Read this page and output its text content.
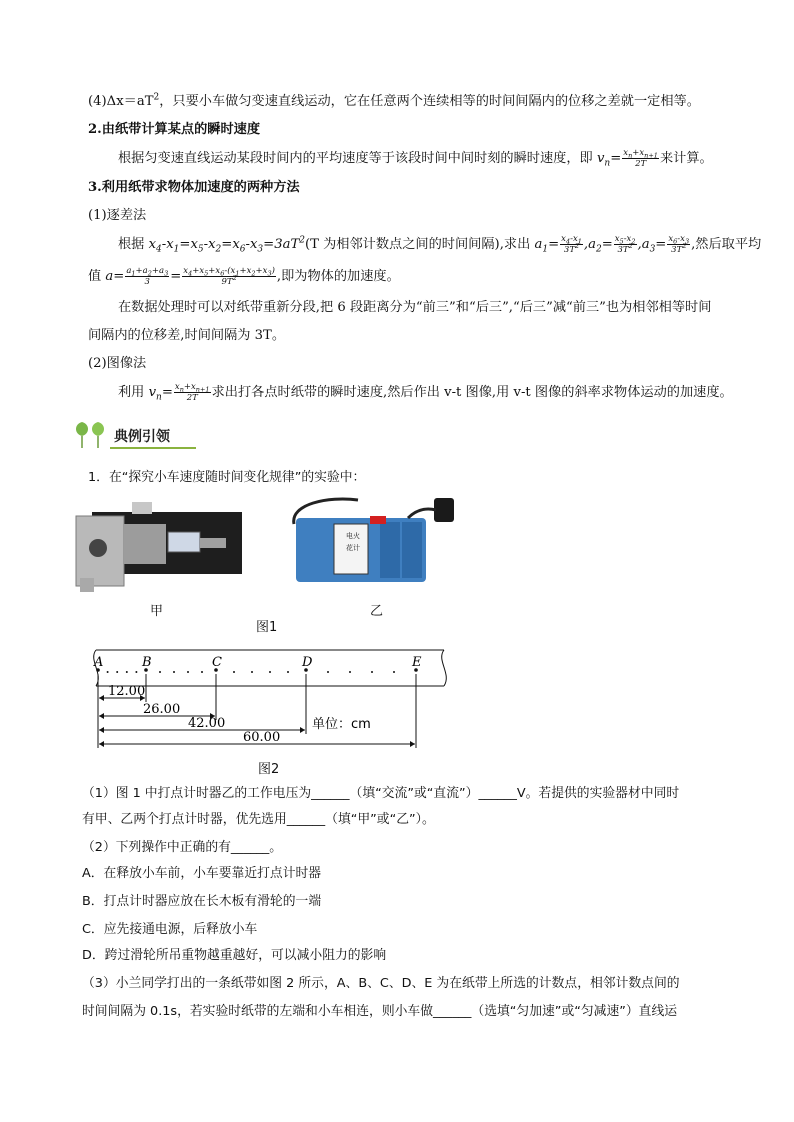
$(4)\Delta x=aT^2$，只要小车做匀变速直线运动，它在任意两个连续相等的时间间隔内的位移之差就一定相等。
2.由纸带计算某点的瞬时速度
根据匀变速直线运动某段时间内的平均速度等于该段时间中间时刻的瞬时速度，即 $v_n= \frac{x_n+x_{n+1}}{2T}$ 来计算。
3.利用纸带求物体加速度的两种方法
(1)逐差法
根据 $x_4-x_1=x_5-x_2=x_6-x_3=3aT^2(T$ 为相邻计数点之间的时间间隔),求出 $a_1= \frac{x_4-x_1}{3T^2} ,a_2= \frac{x_5-x_2}{3T^2} ,a_3= \frac{x_6-x_3}{3T^2}$ ,然后取平均
值 $a= \frac{a_1+a_2+a_3}{3} = \frac{x_4+x_5+x_6-(x_1+x_2+x_3)}{9T^2}$ ,即为物体的加速度。
在数据处理时可以对纸带重新分段,把 6 段距离分为“前三”和“后三”,“后三”减“前三”也为相邻相等时间
间隔内的位移差,时间间隔为 3T。
(2)图像法
利用 $v_n= \frac{x_n+x_{n+1}}{2T}$ 求出打各点时纸带的瞬时速度,然后作出 v-t 图像,用 v-t 图像的斜率求物体运动的加速度。
典例引领
1．在“探究小车速度随时间变化规律”的实验中：
电火
花计
甲	乙
图1
A	B	C	D	E
12.00
26.00
42.00
60.00
单位：cm
图2
（1）图 1 中打点计时器乙的工作电压为______（填“交流”或“直流”）______V。若提供的实验器材中同时
有甲、乙两个打点计时器，优先选用______（填“甲”或“乙”）。
（2）下列操作中正确的有______。
A．在释放小车前，小车要靠近打点计时器
B．打点计时器应放在长木板有滑轮的一端
C．应先接通电源，后释放小车
D．跨过滑轮所吊重物越重越好，可以减小阻力的影响
（3）小兰同学打出的一条纸带如图 2 所示，A、B、C、D、E 为在纸带上所选的计数点，相邻计数点间的
时间间隔为 0.1s，若实验时纸带的左端和小车相连，则小车做______（选填“匀加速”或“匀减速”）直线运
